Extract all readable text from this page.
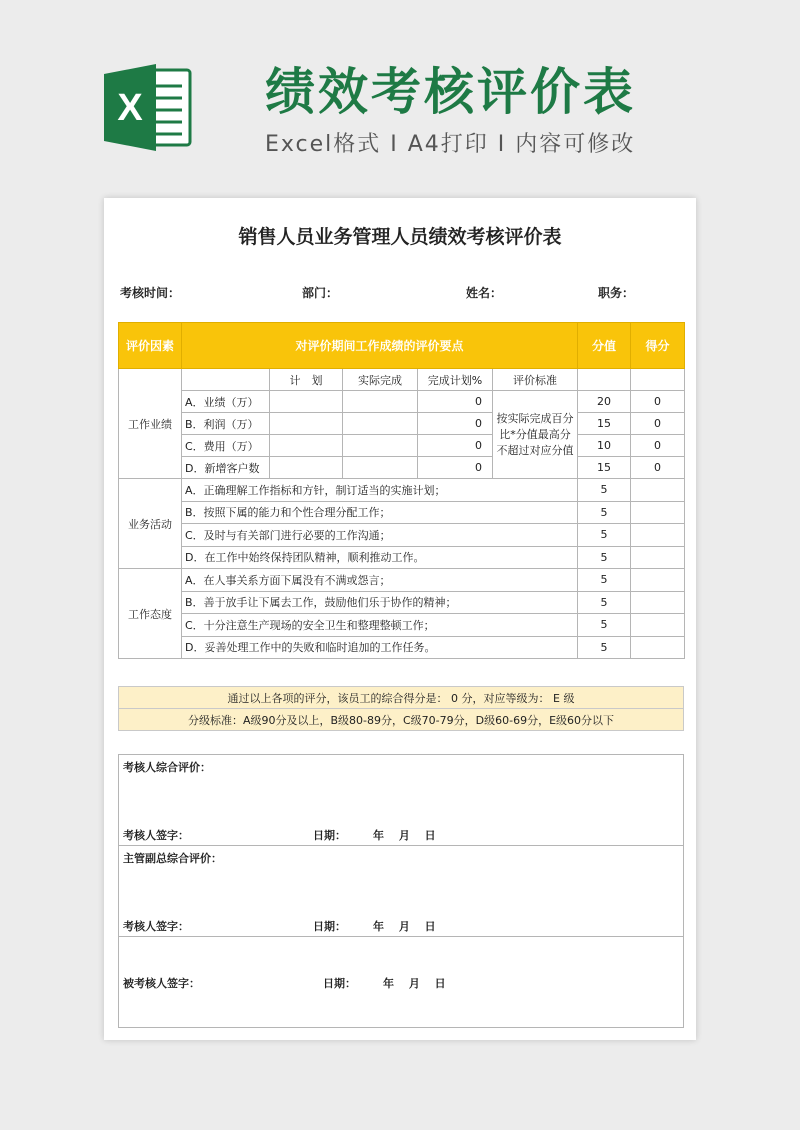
X 绩效考核评价表
Excel格式 I A4打印 I 内容可修改
销售人员业务管理人员绩效考核评价表
考核时间：	部门：	姓名：	职务：
评价因素	对评价期间工作成绩的评价要点					分值	得分
工作业绩		计　划	实际完成	完成计划%	评价标准		
	A．业绩（万）			0	按实际完成百分比*分值最高分不超过对应分值	20	0
	B．利润（万）			0		15	0
	C．费用（万）			0		10	0
	D．新增客户数			0		15	0
业务活动	A．正确理解工作指标和方针，制订适当的实施计划；					5	
	B．按照下属的能力和个性合理分配工作；					5	
	C．及时与有关部门进行必要的工作沟通；					5	
	D．在工作中始终保持团队精神，顺利推动工作。					5	
工作态度	A．在人事关系方面下属没有不满或怨言；					5	
	B．善于放手让下属去工作，鼓励他们乐于协作的精神；					5	
	C．十分注意生产现场的安全卫生和整理整顿工作；					5	
	D．妥善处理工作中的失败和临时追加的工作任务。					5	
通过以上各项的评分，该员工的综合得分是： 0 分，对应等级为： E 级
分级标准：A级90分及以上，B级80-89分，C级70-79分，D级60-69分，E级60分以下
考核人综合评价：
考核人签字：	日期： 年　 月　 日

主管副总综合评价：
考核人签字：	日期： 年　 月　 日

被考核人签字：	日期： 年　 月　 日
